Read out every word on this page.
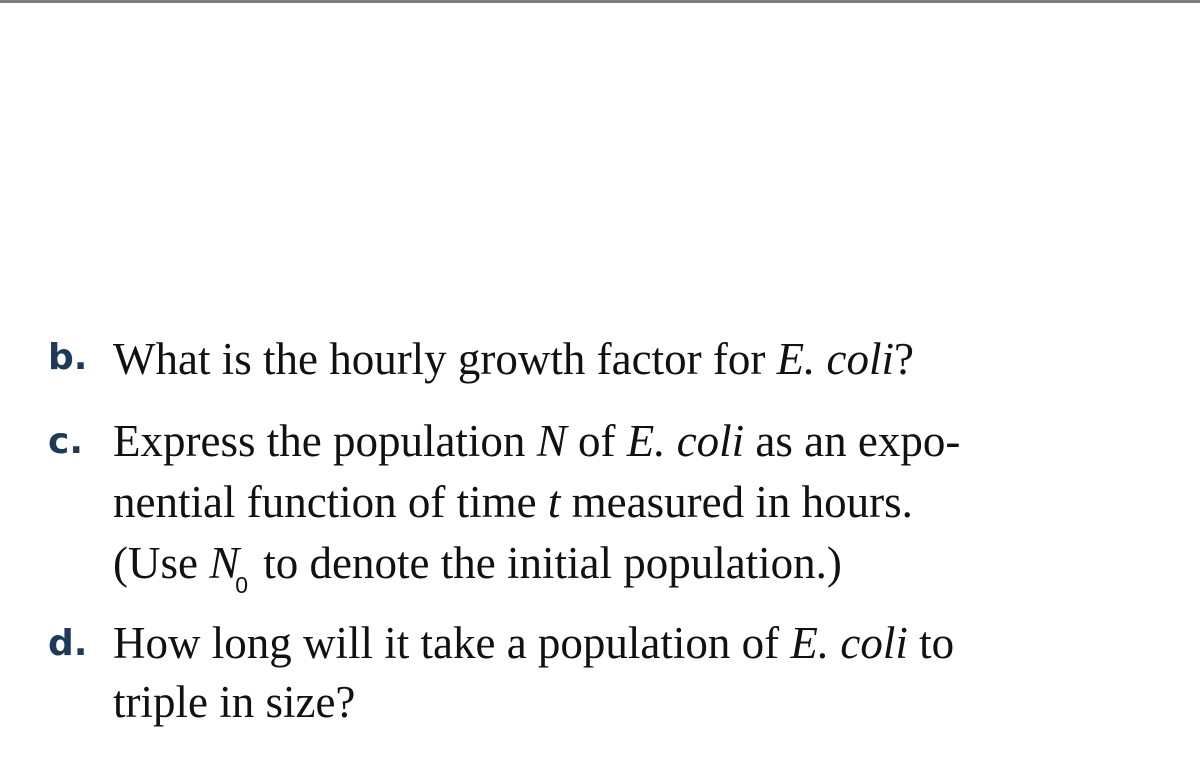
b. What is the hourly growth factor for E. coli?
c. Express the population N of E. coli as an expo-
nential function of time t measured in hours.
(Use $N_0$ to denote the initial population.)
d. How long will it take a population of E. coli to
triple in size?
